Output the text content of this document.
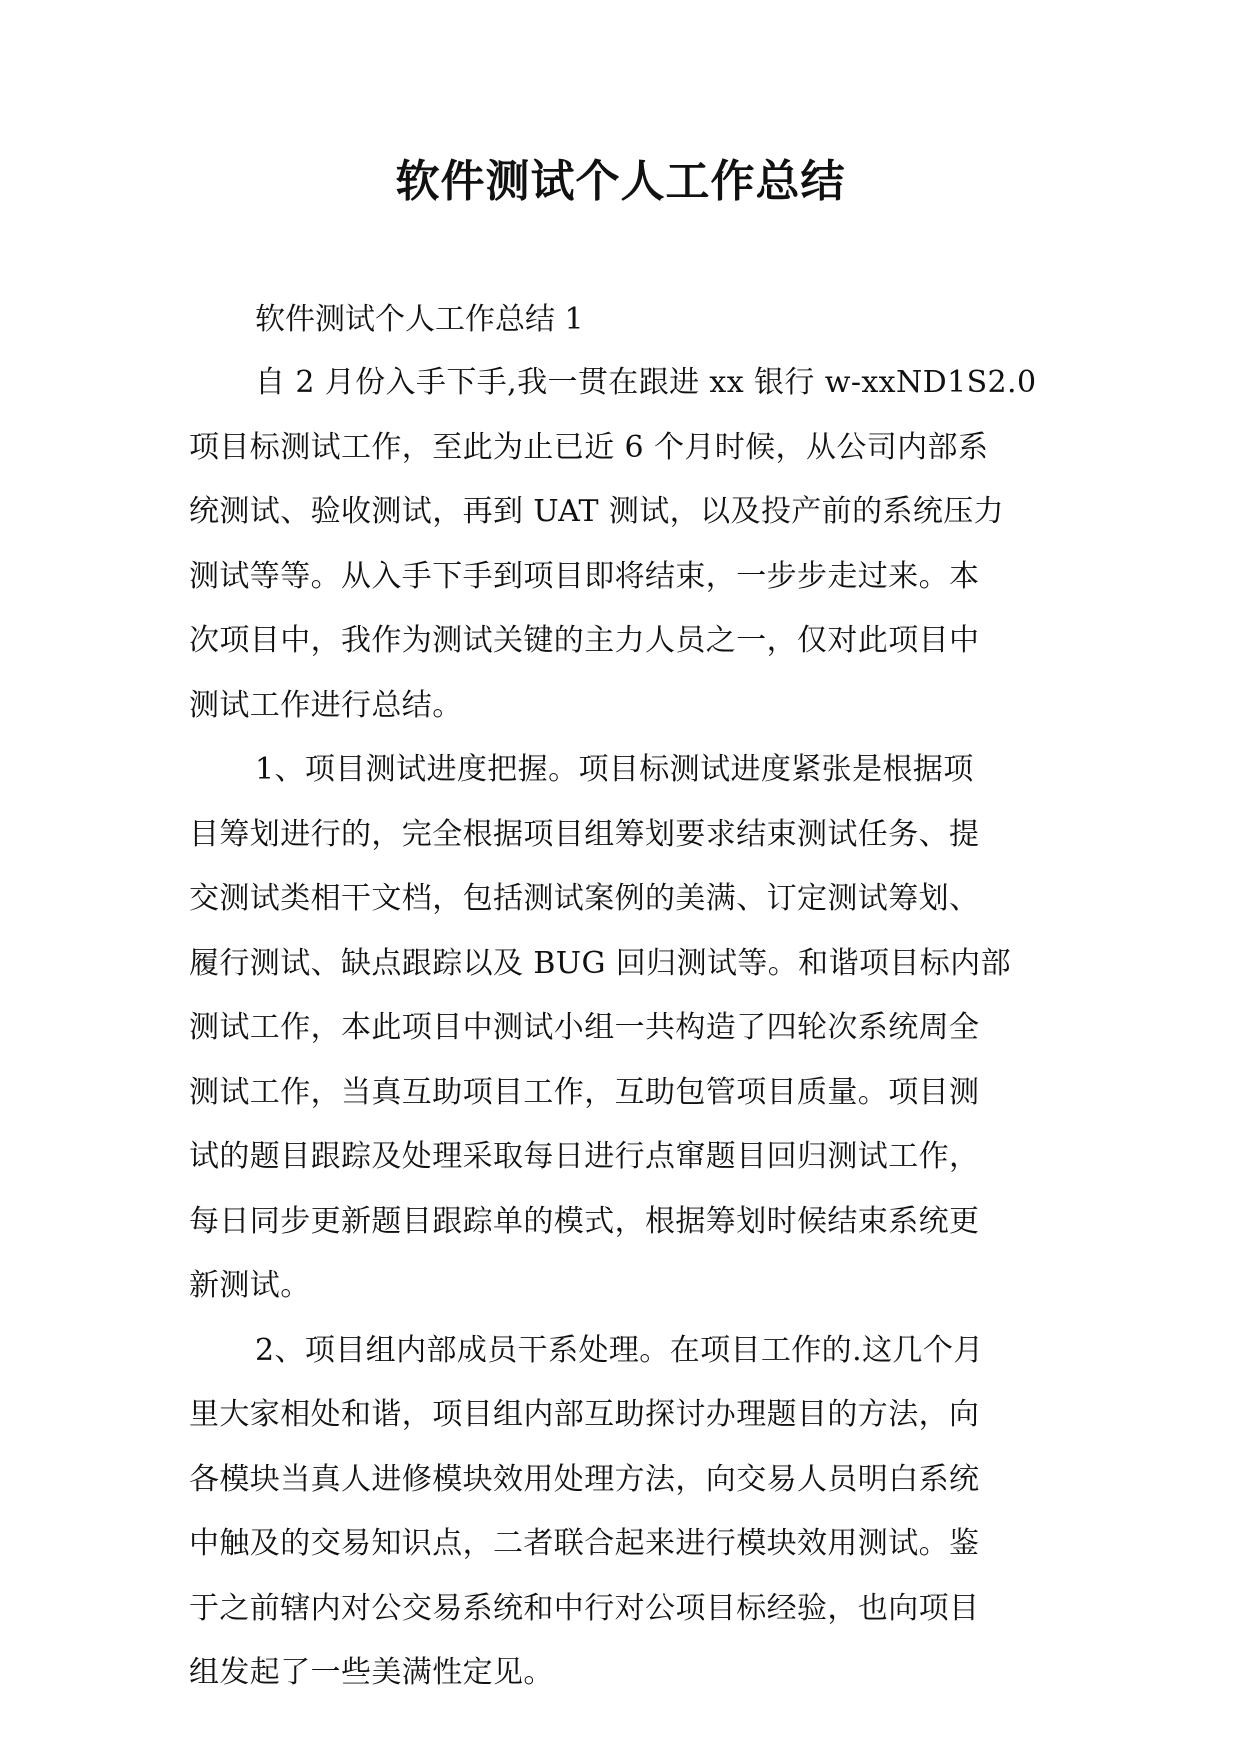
软件测试个人工作总结
软件测试个人工作总结 1
自 2 月份入手下手,我一贯在跟进 xx 银行 w-xxND1S2.0
项目标测试工作，至此为止已近 6 个月时候，从公司内部系
统测试、验收测试，再到 UAT 测试，以及投产前的系统压力
测试等等。从入手下手到项目即将结束，一步步走过来。本
次项目中，我作为测试关键的主力人员之一，仅对此项目中
测试工作进行总结。
1、项目测试进度把握。项目标测试进度紧张是根据项
目筹划进行的，完全根据项目组筹划要求结束测试任务、提
交测试类相干文档，包括测试案例的美满、订定测试筹划、
履行测试、缺点跟踪以及 BUG 回归测试等。和谐项目标内部
测试工作，本此项目中测试小组一共构造了四轮次系统周全
测试工作，当真互助项目工作，互助包管项目质量。项目测
试的题目跟踪及处理采取每日进行点窜题目回归测试工作，
每日同步更新题目跟踪单的模式，根据筹划时候结束系统更
新测试。
2、项目组内部成员干系处理。在项目工作的.这几个月
里大家相处和谐，项目组内部互助探讨办理题目的方法，向
各模块当真人进修模块效用处理方法，向交易人员明白系统
中触及的交易知识点，二者联合起来进行模块效用测试。鉴
于之前辖内对公交易系统和中行对公项目标经验，也向项目
组发起了一些美满性定见。
